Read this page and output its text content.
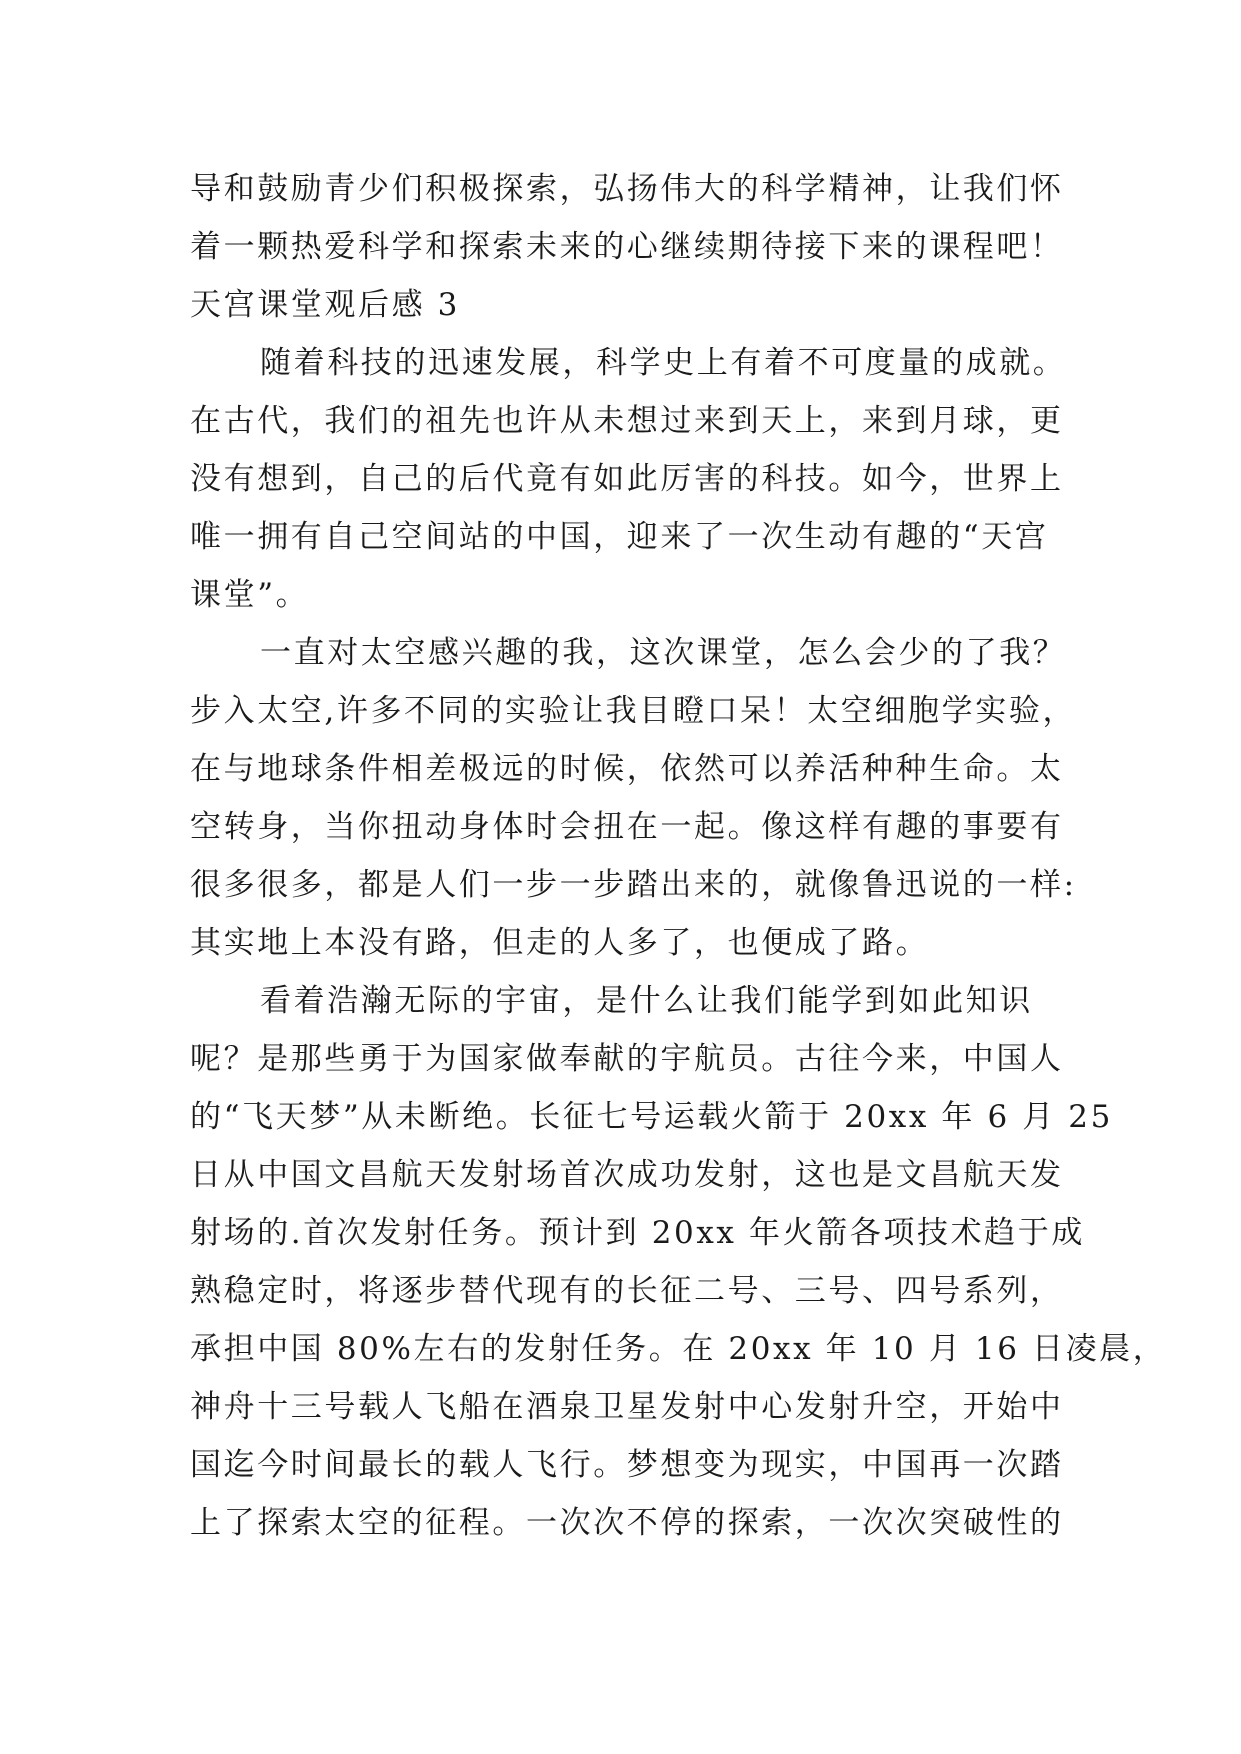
导和鼓励青少们积极探索，弘扬伟大的科学精神，让我们怀
着一颗热爱科学和探索未来的心继续期待接下来的课程吧！
天宫课堂观后感 3
随着科技的迅速发展，科学史上有着不可度量的成就。
在古代，我们的祖先也许从未想过来到天上，来到月球，更
没有想到，自己的后代竟有如此厉害的科技。如今，世界上
唯一拥有自己空间站的中国，迎来了一次生动有趣的“天宫
课堂”。
一直对太空感兴趣的我，这次课堂，怎么会少的了我？
步入太空,许多不同的实验让我目瞪口呆！太空细胞学实验，
在与地球条件相差极远的时候，依然可以养活种种生命。太
空转身，当你扭动身体时会扭在一起。像这样有趣的事要有
很多很多，都是人们一步一步踏出来的，就像鲁迅说的一样:
其实地上本没有路，但走的人多了，也便成了路。
看着浩瀚无际的宇宙，是什么让我们能学到如此知识
呢？是那些勇于为国家做奉献的宇航员。古往今来，中国人
的“飞天梦”从未断绝。长征七号运载火箭于 20xx 年 6 月 25
日从中国文昌航天发射场首次成功发射，这也是文昌航天发
射场的.首次发射任务。预计到 20xx 年火箭各项技术趋于成
熟稳定时，将逐步替代现有的长征二号、三号、四号系列，
承担中国 80%左右的发射任务。在 20xx 年 10 月 16 日凌晨，
神舟十三号载人飞船在酒泉卫星发射中心发射升空，开始中
国迄今时间最长的载人飞行。梦想变为现实，中国再一次踏
上了探索太空的征程。一次次不停的探索，一次次突破性的
